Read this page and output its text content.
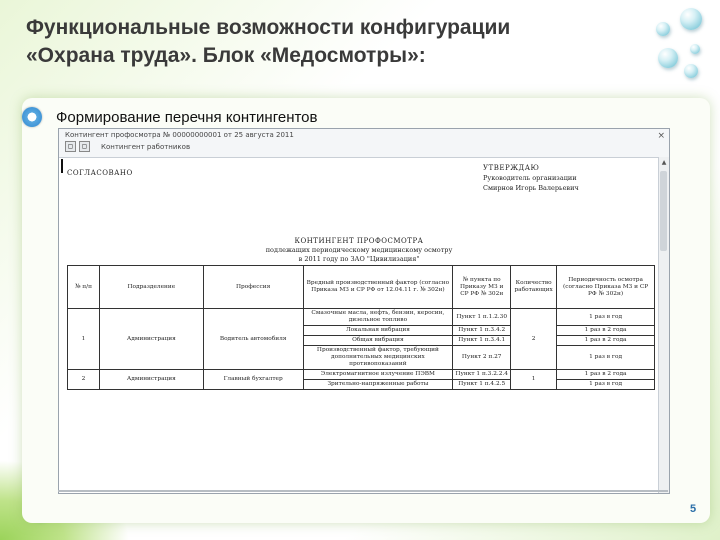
Функциональные возможности конфигурации
«Охрана труда». Блок «Медосмотры»:
Формирование перечня контингентов
Контингент профосмотра № 00000000001 от 25 августа 2011
▢	▢	Контингент работников
×
СОГЛАСОВАНО
УТВЕРЖДАЮ
Руководитель организации
Смирнов Игорь Валерьевич
КОНТИНГЕНТ ПРОФОСМОТРА
подлежащих периодическому медицинскому осмотру
в 2011 году по ЗАО "Цивилизация"
№ п/п	Подразделение	Профессия	Вредный производственный фактор (согласно Приказа МЗ и СР РФ от 12.04.11 г. № 302н)	№ пункта по Приказу МЗ и СР РФ № 302н	Количество работающих	Периодичность осмотра (согласно Приказа МЗ и СР РФ № 302н)
1	Администрация	Водитель автомобиля	Смазочные масла, нефть, бензин, керосин, дизельное топливо	Пункт 1 п.1.2.30	2	1 раз в год
			Локальная вибрация	Пункт 1 п.3.4.2		1 раз в 2 года
			Общая вибрация	Пункт 1 п.3.4.1		1 раз в 2 года
			Производственный фактор, требующий дополнительных медицинских противопоказаний	Пункт 2 п.27		1 раз в год
2	Администрация	Главный бухгалтер	Электромагнитное излучение ПЭВМ	Пункт 1 п.3.2.2.4	1	1 раз в 2 года
			Зрительно-напряженные работы	Пункт 1 п.4.2.5		1 раз в год
▲
5
